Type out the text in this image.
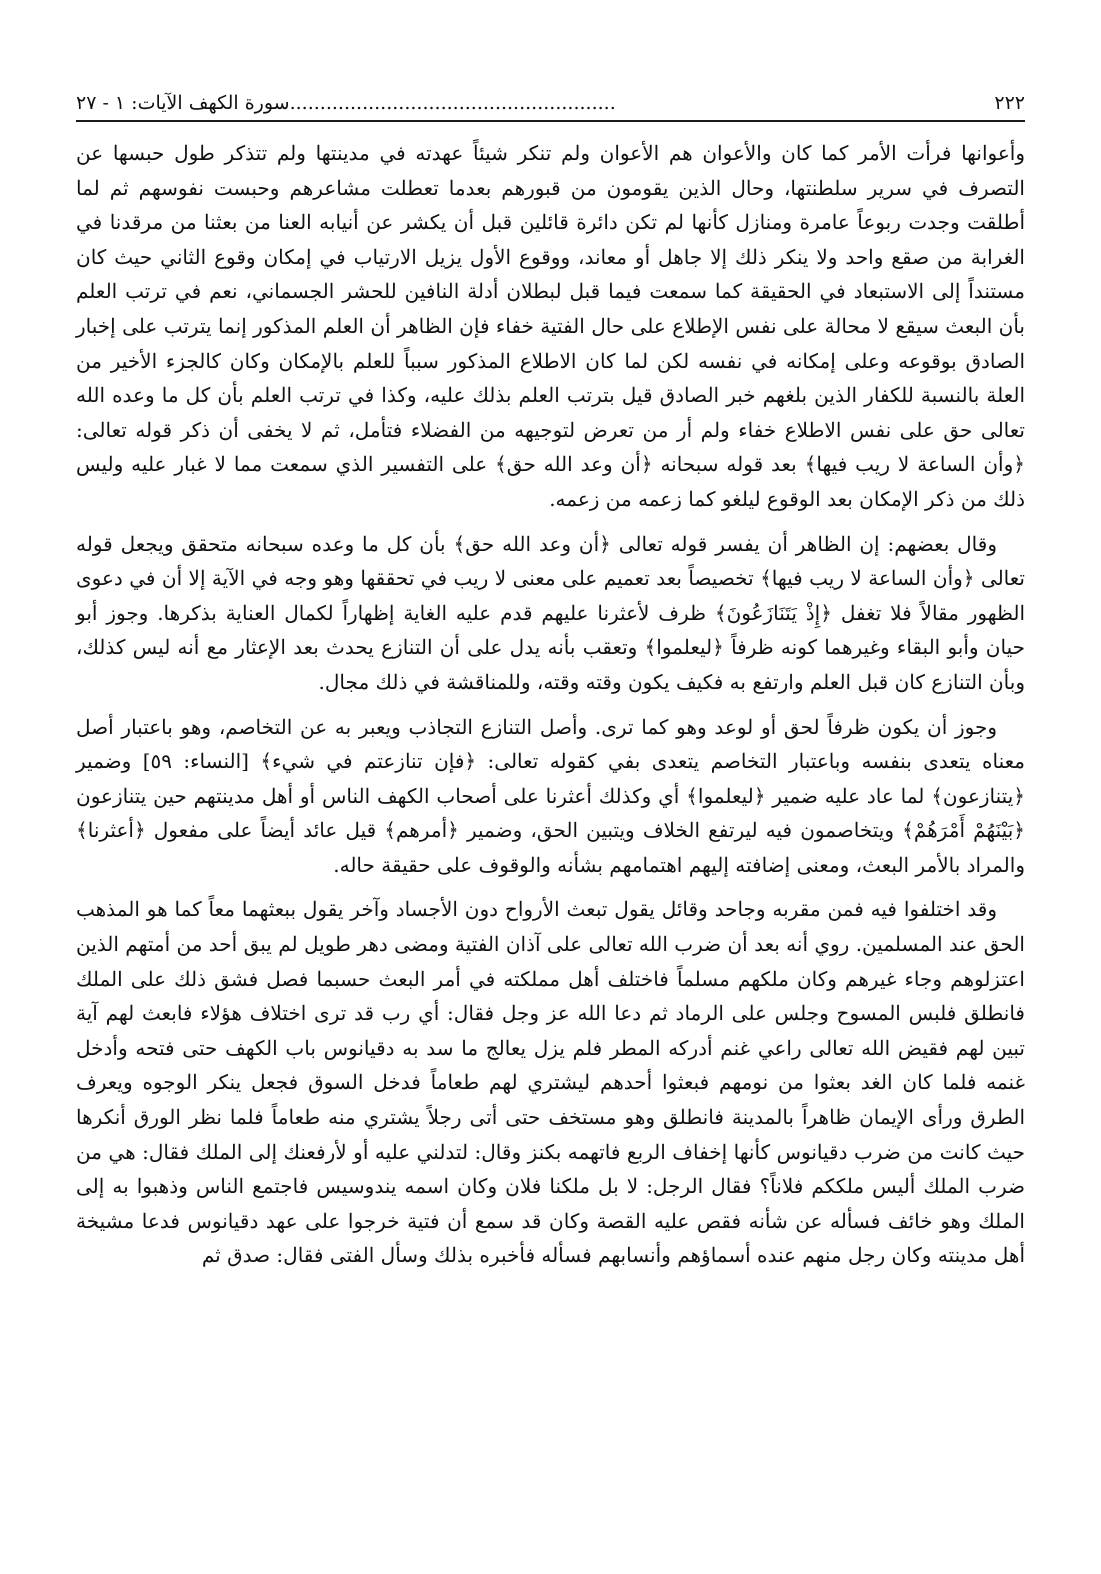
٢٢٢
......................................................سورة الكهف الآيات: ١ - ٢٧

وأعوانها فرأت الأمر كما كان والأعوان هم الأعوان ولم تنكر شيئاً عهدته في مدينتها ولم تتذكر طول حبسها عن التصرف في سرير سلطنتها، وحال الذين يقومون من قبورهم بعدما تعطلت مشاعرهم وحبست نفوسهم ثم لما أطلقت وجدت ربوعاً عامرة ومنازل كأنها لم تكن دائرة قائلين قبل أن يكشر عن أنيابه العنا من بعثنا من مرقدنا في الغرابة من صقع واحد ولا ينكر ذلك إلا جاهل أو معاند، ووقوع الأول يزيل الارتياب في إمكان وقوع الثاني حيث كان مستنداً إلى الاستبعاد في الحقيقة كما سمعت فيما قبل لبطلان أدلة النافين للحشر الجسماني، نعم في ترتب العلم بأن البعث سيقع لا محالة على نفس الإطلاع على حال الفتية خفاء فإن الظاهر أن العلم المذكور إنما يترتب على إخبار الصادق بوقوعه وعلى إمكانه في نفسه لكن لما كان الاطلاع المذكور سبباً للعلم بالإمكان وكان كالجزء الأخير من العلة بالنسبة للكفار الذين بلغهم خبر الصادق قيل بترتب العلم بذلك عليه، وكذا في ترتب العلم بأن كل ما وعده الله تعالى حق على نفس الاطلاع خفاء ولم أر من تعرض لتوجيهه من الفضلاء فتأمل، ثم لا يخفى أن ذكر قوله تعالى: ﴿وأن الساعة لا ريب فيها﴾ بعد قوله سبحانه ﴿أن وعد الله حق﴾ على التفسير الذي سمعت مما لا غبار عليه وليس ذلك من ذكر الإمكان بعد الوقوع ليلغو كما زعمه من زعمه.

وقال بعضهم: إن الظاهر أن يفسر قوله تعالى ﴿أن وعد الله حق﴾ بأن كل ما وعده سبحانه متحقق ويجعل قوله تعالى ﴿وأن الساعة لا ريب فيها﴾ تخصيصاً بعد تعميم على معنى لا ريب في تحققها وهو وجه في الآية إلا أن في دعوى الظهور مقالاً فلا تغفل ﴿إِذْ يَتَنَازَعُونَ﴾ ظرف لأعثرنا عليهم قدم عليه الغاية إظهاراً لكمال العناية بذكرها. وجوز أبو حيان وأبو البقاء وغيرهما كونه ظرفاً ﴿ليعلموا﴾ وتعقب بأنه يدل على أن التنازع يحدث بعد الإعثار مع أنه ليس كذلك، وبأن التنازع كان قبل العلم وارتفع به فكيف يكون وقته وقته، وللمناقشة في ذلك مجال.

وجوز أن يكون ظرفاً لحق أو لوعد وهو كما ترى. وأصل التنازع التجاذب ويعبر به عن التخاصم، وهو باعتبار أصل معناه يتعدى بنفسه وباعتبار التخاصم يتعدى بفي كقوله تعالى: ﴿فإن تنازعتم في شيء﴾ [النساء: ٥٩] وضمير ﴿يتنازعون﴾ لما عاد عليه ضمير ﴿ليعلموا﴾ أي وكذلك أعثرنا على أصحاب الكهف الناس أو أهل مدينتهم حين يتنازعون ﴿بَيْنَهُمْ أَمْرَهُمْ﴾ ويتخاصمون فيه ليرتفع الخلاف ويتبين الحق، وضمير ﴿أمرهم﴾ قيل عائد أيضاً على مفعول ﴿أعثرنا﴾ والمراد بالأمر البعث، ومعنى إضافته إليهم اهتمامهم بشأنه والوقوف على حقيقة حاله.

وقد اختلفوا فيه فمن مقربه وجاحد وقائل يقول تبعث الأرواح دون الأجساد وآخر يقول ببعثهما معاً كما هو المذهب الحق عند المسلمين. روي أنه بعد أن ضرب الله تعالى على آذان الفتية ومضى دهر طويل لم يبق أحد من أمتهم الذين اعتزلوهم وجاء غيرهم وكان ملكهم مسلماً فاختلف أهل مملكته في أمر البعث حسبما فصل فشق ذلك على الملك فانطلق فلبس المسوح وجلس على الرماد ثم دعا الله عز وجل فقال: أي رب قد ترى اختلاف هؤلاء فابعث لهم آية تبين لهم فقيض الله تعالى راعي غنم أدركه المطر فلم يزل يعالج ما سد به دقيانوس باب الكهف حتى فتحه وأدخل غنمه فلما كان الغد بعثوا من نومهم فبعثوا أحدهم ليشتري لهم طعاماً فدخل السوق فجعل ينكر الوجوه ويعرف الطرق ورأى الإيمان ظاهراً بالمدينة فانطلق وهو مستخف حتى أتى رجلاً يشتري منه طعاماً فلما نظر الورق أنكرها حيث كانت من ضرب دقيانوس كأنها إخفاف الربع فاتهمه بكنز وقال: لتدلني عليه أو لأرفعنك إلى الملك فقال: هي من ضرب الملك أليس ملككم فلاناً؟ فقال الرجل: لا بل ملكنا فلان وكان اسمه يندوسيس فاجتمع الناس وذهبوا به إلى الملك وهو خائف فسأله عن شأنه فقص عليه القصة وكان قد سمع أن فتية خرجوا على عهد دقيانوس فدعا مشيخة أهل مدينته وكان رجل منهم عنده أسماؤهم وأنسابهم فسأله فأخبره بذلك وسأل الفتى فقال: صدق ثم
